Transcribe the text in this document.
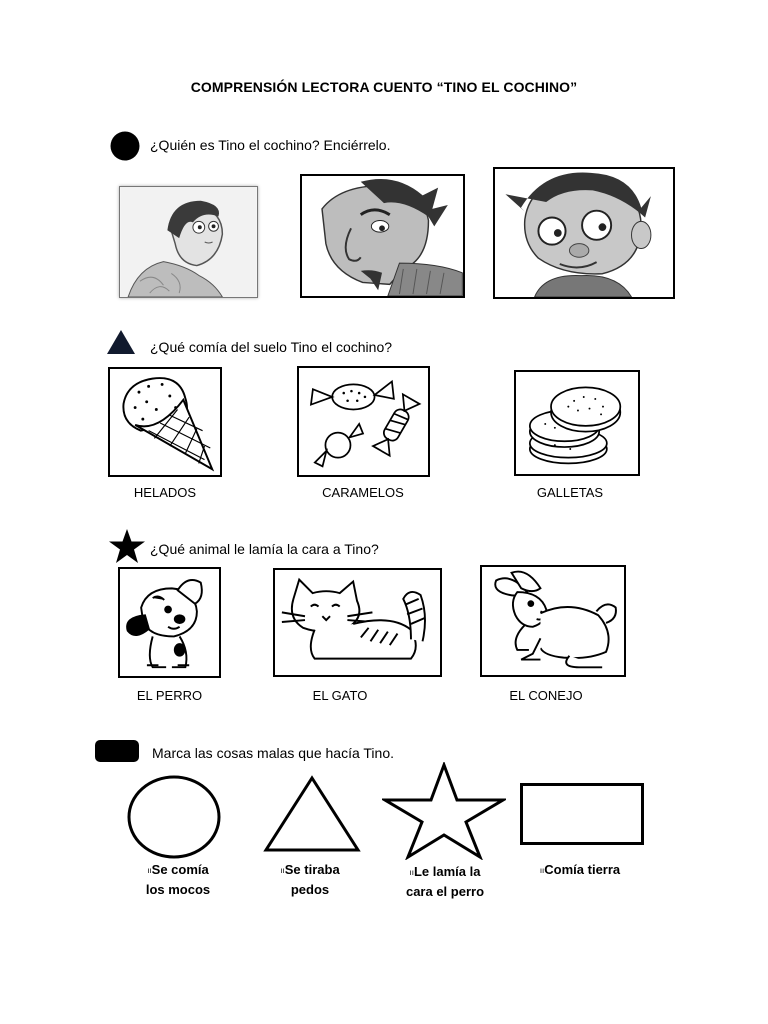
COMPRENSIÓN LECTORA CUENTO “TINO EL COCHINO”
¿Quién es Tino el cochino? Enciérrelo.
¿Qué comía del suelo Tino el cochino?
HELADOS	CARAMELOS	GALLETAS
¿Qué animal le lamía la cara a Tino?
EL PERRO	EL GATO	EL CONEJO
Marca las cosas malas que hacía Tino.
ııSe comía
los mocos
ııSe tiraba
pedos
ııLe lamía la
cara el perro
ııComía tierra
